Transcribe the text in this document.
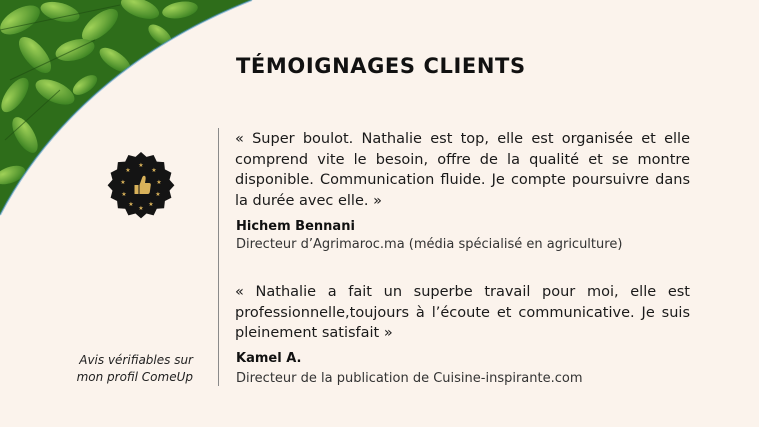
TÉMOIGNAGES CLIENTS
★
★	★
★	★
★	★
★ ★
★
Avis vérifiables sur
mon profil ComeUp
« Super boulot. Nathalie est top, elle est organisée et elle comprend vite le besoin, offre de la qualité et se montre disponible. Communication fluide. Je compte poursuivre dans la durée avec elle. »
Hichem Bennani
Directeur d’Agrimaroc.ma (média spécialisé en agriculture)
« Nathalie a fait un superbe travail pour moi, elle est professionnelle,toujours à l’écoute et communicative. Je suis pleinement satisfait »
Kamel A.
Directeur de la publication de Cuisine-inspirante.com
